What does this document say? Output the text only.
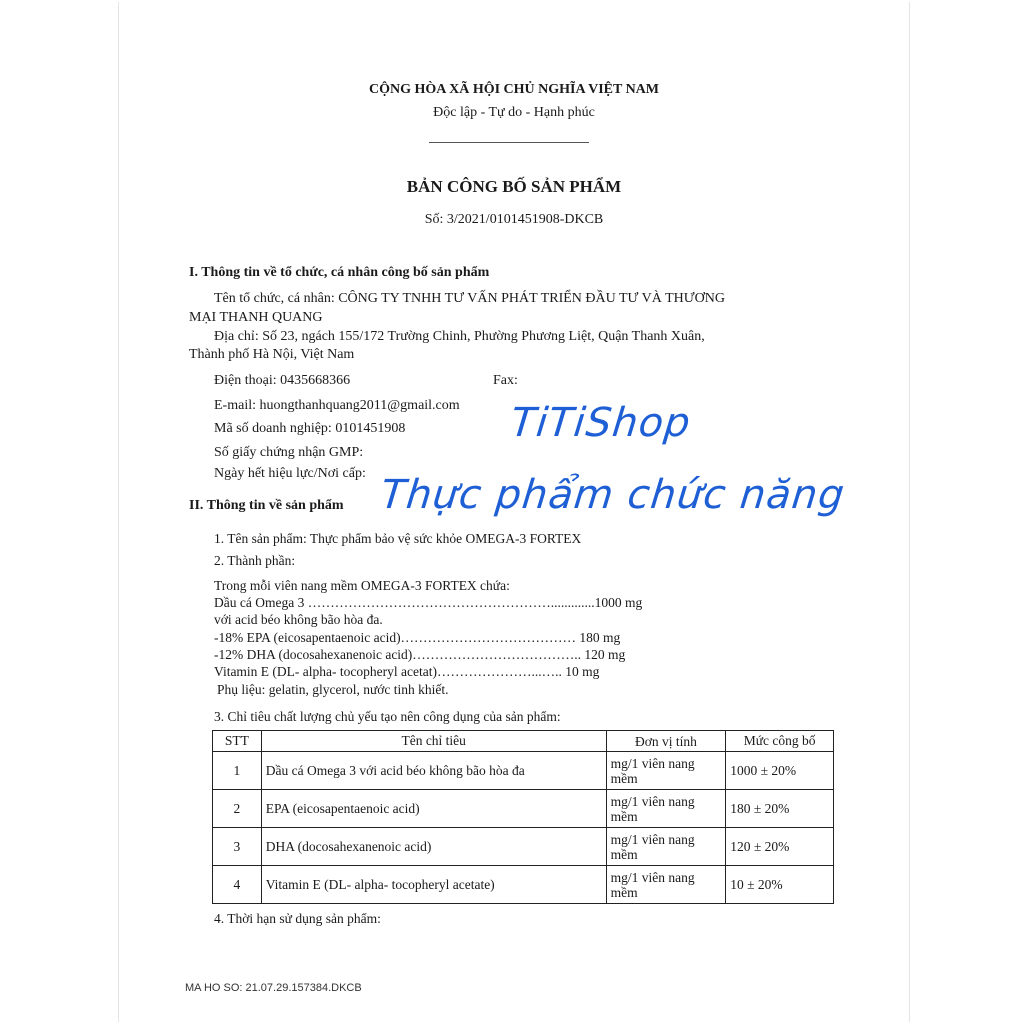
CỘNG HÒA XÃ HỘI CHỦ NGHĨA VIỆT NAM
Độc lập - Tự do - Hạnh phúc
BẢN CÔNG BỐ SẢN PHẨM
Số: 3/2021/0101451908-DKCB
I. Thông tin về tổ chức, cá nhân công bố sản phẩm
Tên tổ chức, cá nhân: CÔNG TY TNHH TƯ VẤN PHÁT TRIỂN ĐẦU TƯ VÀ THƯƠNG
MẠI THANH QUANG
Địa chỉ: Số 23, ngách 155/172 Trường Chinh, Phường Phương Liệt, Quận Thanh Xuân,
Thành phố Hà Nội, Việt Nam
Điện thoại: 0435668366	Fax:
E-mail: huongthanhquang2011@gmail.com
Mã số doanh nghiệp: 0101451908
Số giấy chứng nhận GMP:
Ngày hết hiệu lực/Nơi cấp:
II. Thông tin về sản phẩm
1. Tên sản phẩm: Thực phẩm bảo vệ sức khỏe OMEGA-3 FORTEX
2. Thành phần:
Trong mỗi viên nang mềm OMEGA-3 FORTEX chứa:
Dầu cá Omega 3 ……………………………………………….............1000 mg
với acid béo không bão hòa đa.
-18% EPA (eicosapentaenoic acid)………………………………… 180 mg
-12% DHA (docosahexanenoic acid)……………………………….. 120 mg
Vitamin E (DL- alpha- tocopheryl acetat)…………………...….. 10 mg
Phụ liệu: gelatin, glycerol, nước tinh khiết.
3. Chỉ tiêu chất lượng chủ yếu tạo nên công dụng của sản phẩm:
STT	Tên chỉ tiêu	Đơn vị tính	Mức công bố
1	Dầu cá Omega 3 với acid béo không bão hòa đa	mg/1 viên nang mềm	1000 ± 20%
2	EPA (eicosapentaenoic acid)	mg/1 viên nang mềm	180 ± 20%
3	DHA (docosahexanenoic acid)	mg/1 viên nang mềm	120 ± 20%
4	Vitamin E (DL- alpha- tocopheryl acetate)	mg/1 viên nang mềm	10 ± 20%
4. Thời hạn sử dụng sản phẩm:
MA HO SO: 21.07.29.157384.DKCB
TiTiShop
Thực phẩm chức năng
